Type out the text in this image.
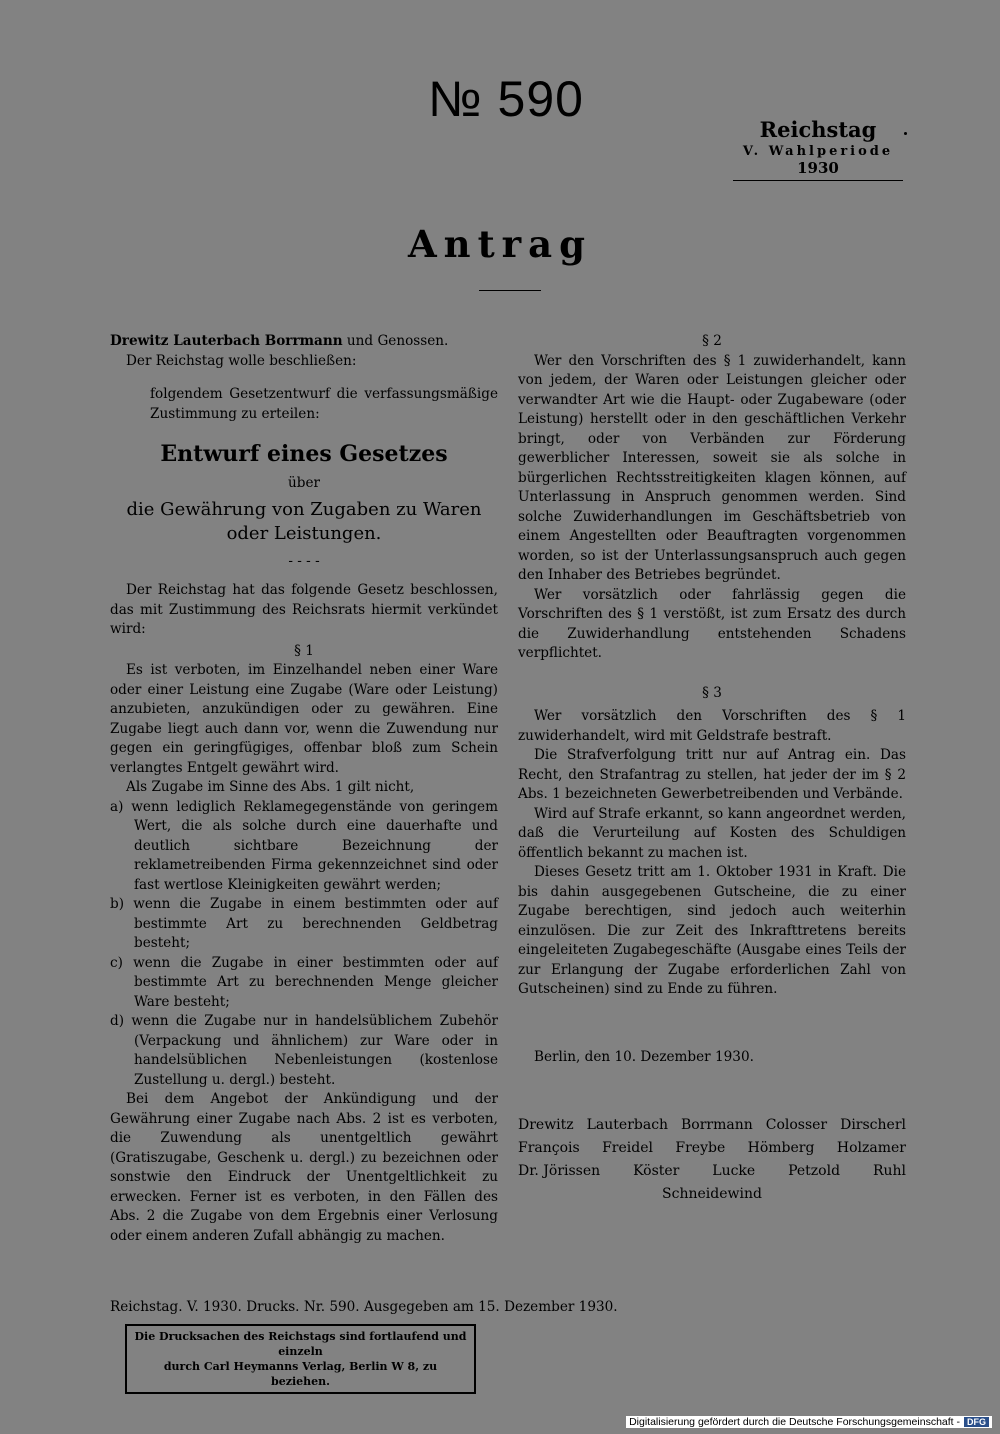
№ 590
Reichstag
V. Wahlperiode
1930
Antrag

Drewitz Lauterbach Borrmann und Genossen.

Der Reichstag wolle beschließen:

folgendem Gesetzentwurf die verfassungsmäßige Zustimmung zu erteilen:

Entwurf eines Gesetzes
über
die Gewährung von Zugaben zu Waren oder Leistungen.
- - - -

Der Reichstag hat das folgende Gesetz beschlossen, das mit Zustimmung des Reichsrats hiermit verkündet wird:

§ 1

Es ist verboten, im Einzelhandel neben einer Ware oder einer Leistung eine Zugabe (Ware oder Leistung) anzubieten, anzukündigen oder zu gewähren. Eine Zugabe liegt auch dann vor, wenn die Zuwendung nur gegen ein geringfügiges, offenbar bloß zum Schein verlangtes Entgelt gewährt wird.

Als Zugabe im Sinne des Abs. 1 gilt nicht,

a) wenn lediglich Reklamegegenstände von geringem Wert, die als solche durch eine dauerhafte und deutlich sichtbare Bezeichnung der reklametreibenden Firma gekennzeichnet sind oder fast wertlose Kleinigkeiten gewährt werden;

b) wenn die Zugabe in einem bestimmten oder auf bestimmte Art zu berechnenden Geldbetrag besteht;

c) wenn die Zugabe in einer bestimmten oder auf bestimmte Art zu berechnenden Menge gleicher Ware besteht;

d) wenn die Zugabe nur in handelsüblichem Zubehör (Verpackung und ähnlichem) zur Ware oder in handelsüblichen Nebenleistungen (kostenlose Zustellung u. dergl.) besteht.

Bei dem Angebot der Ankündigung und der Gewährung einer Zugabe nach Abs. 2 ist es verboten, die Zuwendung als unentgeltlich gewährt (Gratiszugabe, Geschenk u. dergl.) zu bezeichnen oder sonstwie den Eindruck der Unentgeltlichkeit zu erwecken. Ferner ist es verboten, in den Fällen des Abs. 2 die Zugabe von dem Ergebnis einer Verlosung oder einem anderen Zufall abhängig zu machen.

§ 2

Wer den Vorschriften des § 1 zuwiderhandelt, kann von jedem, der Waren oder Leistungen gleicher oder verwandter Art wie die Haupt- oder Zugabeware (oder Leistung) herstellt oder in den geschäftlichen Verkehr bringt, oder von Verbänden zur Förderung gewerblicher Interessen, soweit sie als solche in bürgerlichen Rechtsstreitigkeiten klagen können, auf Unterlassung in Anspruch genommen werden. Sind solche Zuwiderhandlungen im Geschäftsbetrieb von einem Angestellten oder Beauftragten vorgenommen worden, so ist der Unterlassungsanspruch auch gegen den Inhaber des Betriebes begründet.

Wer vorsätzlich oder fahrlässig gegen die Vorschriften des § 1 verstößt, ist zum Ersatz des durch die Zuwiderhandlung entstehenden Schadens verpflichtet.

§ 3

Wer vorsätzlich den Vorschriften des § 1 zuwiderhandelt, wird mit Geldstrafe bestraft.

Die Strafverfolgung tritt nur auf Antrag ein. Das Recht, den Strafantrag zu stellen, hat jeder der im § 2 Abs. 1 bezeichneten Gewerbetreibenden und Verbände.

Wird auf Strafe erkannt, so kann angeordnet werden, daß die Verurteilung auf Kosten des Schuldigen öffentlich bekannt zu machen ist.

Dieses Gesetz tritt am 1. Oktober 1931 in Kraft. Die bis dahin ausgegebenen Gutscheine, die zu einer Zugabe berechtigen, sind jedoch auch weiterhin einzulösen. Die zur Zeit des Inkrafttretens bereits eingeleiteten Zugabegeschäfte (Ausgabe eines Teils der zur Erlangung der Zugabe erforderlichen Zahl von Gutscheinen) sind zu Ende zu führen.

Berlin, den 10. Dezember 1930.

Drewitz Lauterbach Borrmann Colosser Dirscherl
François Freidel Freybe Hömberg Holzamer
Dr. Jörissen Köster Lucke Petzold Ruhl
Schneidewind
Reichstag. V. 1930. Drucks. Nr. 590. Ausgegeben am 15. Dezember 1930.
Die Drucksachen des Reichstags sind fortlaufend und einzeln
durch Carl Heymanns Verlag, Berlin W 8, zu beziehen.
Digitalisierung gefördert durch die Deutsche Forschungsgemeinschaft - DFG
